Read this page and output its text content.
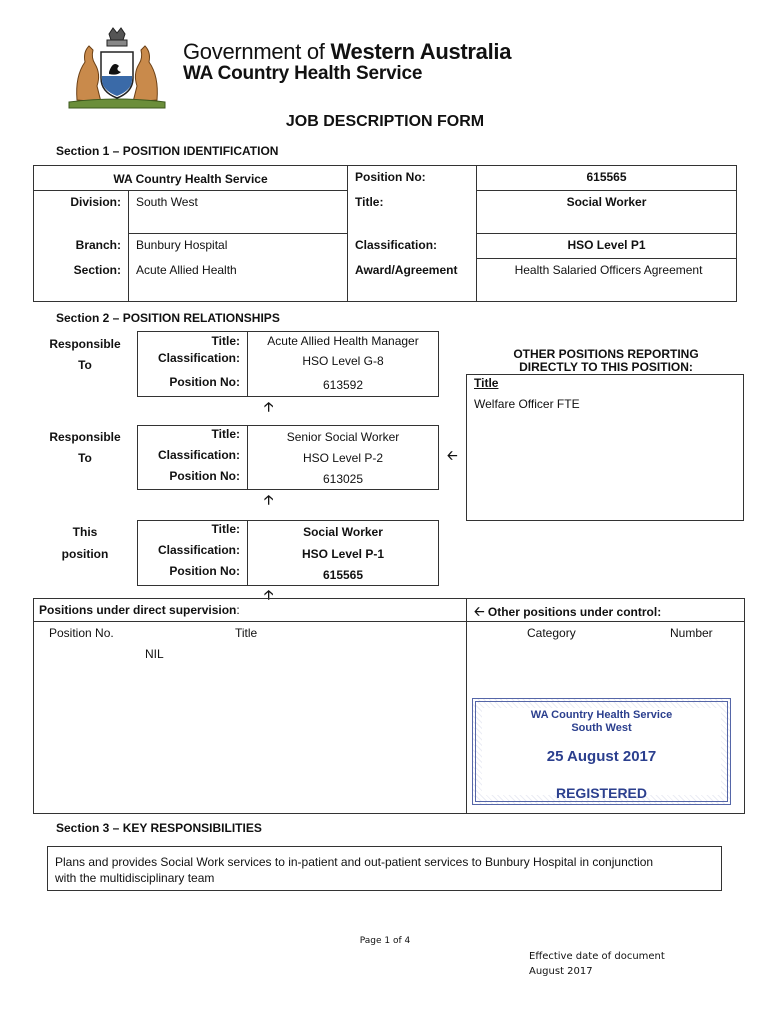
Government of Western Australia
WA Country Health Service
JOB DESCRIPTION FORM
Section 1 – POSITION IDENTIFICATION
WA Country Health Service
Division: South West
Branch: Bunbury Hospital
Section: Acute Allied Health
Position No:	615565
Title:	Social Worker
Classification:	HSO Level P1
Award/Agreement	Health Salaried Officers Agreement
Section 2 – POSITION RELATIONSHIPS
Responsible
To
Title:	Acute Allied Health Manager
Classification:	HSO Level G-8
Position No:	613592
🡡
Responsible
To
Title:	Senior Social Worker
Classification:	HSO Level P-2
Position No:	613025
🡠
🡡
This
position
Title:	Social Worker
Classification:	HSO Level P-1
Position No:	615565
🡡
OTHER POSITIONS REPORTING
DIRECTLY TO THIS POSITION:
Title
Welfare Officer FTE
Positions under direct supervision:	🡠 Other positions under control:
Position No.	Title
NIL
Category	Number
WA Country Health Service
South West
25 August 2017
REGISTERED
Section 3 – KEY RESPONSIBILITIES
Plans and provides Social Work services to in-patient and out-patient services to Bunbury Hospital in conjunction
with the multidisciplinary team
Page 1 of 4
Effective date of document
August 2017
